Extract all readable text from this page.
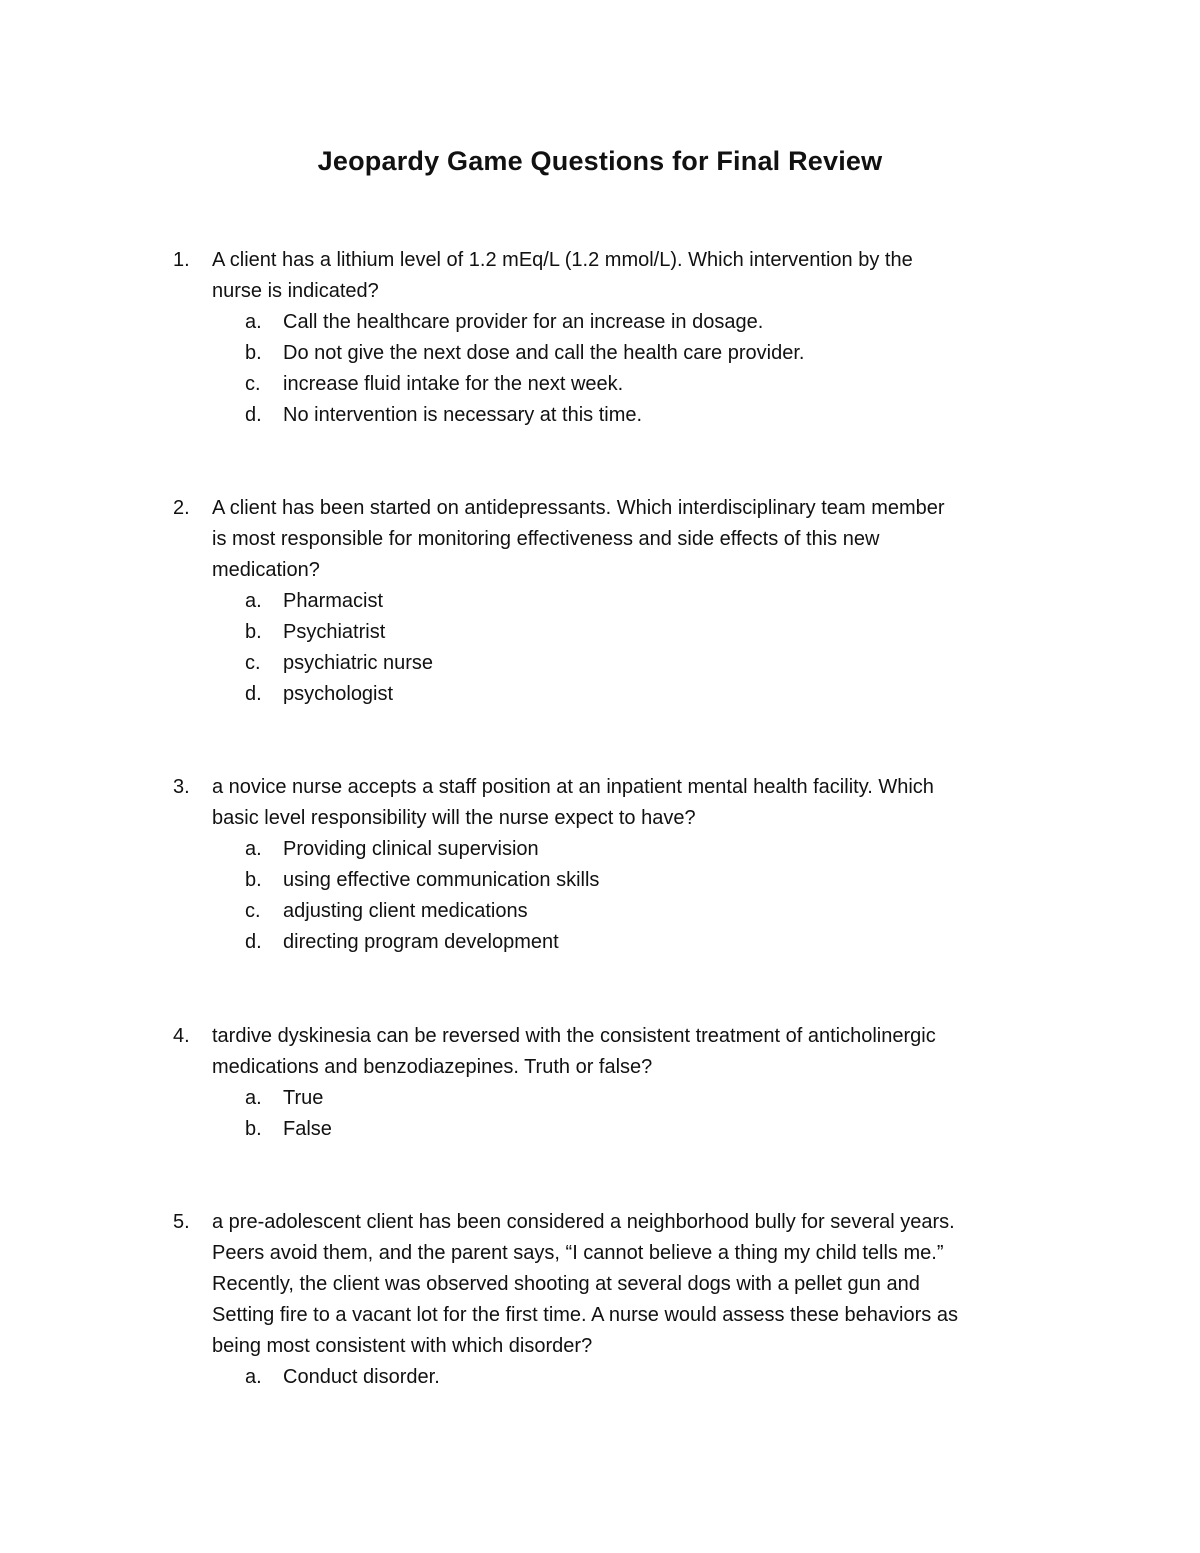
Jeopardy Game Questions for Final Review
1. A client has a lithium level of 1.2 mEq/L (1.2 mmol/L). Which intervention by the
nurse is indicated?
a. Call the healthcare provider for an increase in dosage.
b. Do not give the next dose and call the health care provider.
c. increase fluid intake for the next week.
d. No intervention is necessary at this time.
2. A client has been started on antidepressants. Which interdisciplinary team member
is most responsible for monitoring effectiveness and side effects of this new
medication?
a. Pharmacist
b. Psychiatrist
c. psychiatric nurse
d. psychologist
3. a novice nurse accepts a staff position at an inpatient mental health facility. Which
basic level responsibility will the nurse expect to have?
a. Providing clinical supervision
b. using effective communication skills
c. adjusting client medications
d. directing program development
4. tardive dyskinesia can be reversed with the consistent treatment of anticholinergic
medications and benzodiazepines. Truth or false?
a. True
b. False
5. a pre-adolescent client has been considered a neighborhood bully for several years.
Peers avoid them, and the parent says, “I cannot believe a thing my child tells me.”
Recently, the client was observed shooting at several dogs with a pellet gun and
Setting fire to a vacant lot for the first time. A nurse would assess these behaviors as
being most consistent with which disorder?
a. Conduct disorder.
